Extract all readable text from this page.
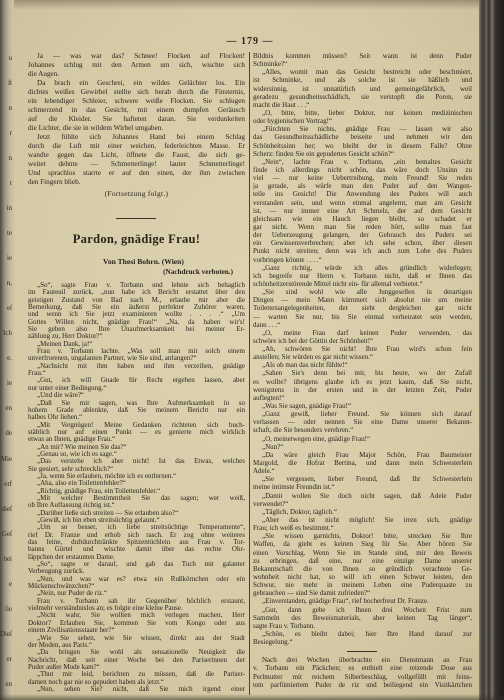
u
ſt
n
r
n
t
in
te
ie
n,
eſ
Ich
e.
ie
en
de
Mie
erf
dieſ
Geſ
bei
e
ſie
Dieſ
er
en
— 179 —
Ja — was war das? Schnee! Flocken auf Flocken!
Johannes schlug mit den Armen um sich, wischte sich
die Augen.
Da brach ein Geschrei, ein wildes Gelächter los. Ein
dichtes weißes Gewirbel stellte sich herab durch die Finsternis,
ein lebendiger Schleier, schwere weiße Flocken. Sie schlugen
schmerzend in das Gesicht, mit einem dumpfen Geräusch
auf die Kleider. Sie hafteten daran. Sie verdunkelten
die Lichter, die sie in wildem Wirbel umgaben.
Jetzt fühlte sich Johannes Hand bei einem Schlag
durch die Luft mit einer weichen, federleichten Masse. Er
wandte gegen das Licht, öffnete die Faust, die sich ge-
weitet dehnte — Schmetterlinge! lauter Schmetterlinge!
Und sprachlos starrte er auf den einen, der ihm zwischen
den Fingern blieb.
(Fortsetzung folgt.)
Pardon, gnädige Frau!
Von Thesi Bohrn. (Wien)
(Nachdruck verboten.)
„So“, sagte Frau v. Torbann und lehnte sich behaglich
im Fauteuil zurück, „nun habe ich Bericht erstattet über den
geistigen Zustand von Bad nach M., erlaube mir aber die
Bemerkung, daß Sie ein äußerst perfekter Zuhörer waren,
und wenn ich Sie jetzt examinieren wollte . . . .“ „Um
Gottes Willen nicht, gnädige Frau!“ „Na, da haben wir's!
Sie geben also Ihre Unaufmerksamkeit bei meiner Er-
zählung zu, Herr Doktor?“
„Meinen Dank, ja!“
Frau v. Torbann lachte. „Was soll man mit solch einem
unverfrorenen, ungalanten Partner, wie Sie sind, anfangen?“
„Nachsicht mit ihm haben und ihm verzeihen, gnädige
Frau.“
„Gut, ich will Gnade für Recht ergehen lassen, aber
nur unter einer Bedingung.“
„Und die wäre?“
„Daß Sie mir sagen, was Ihre Aufmerksamkeit in so
hohem Grade ablenkte, daß Sie meinem Bericht nur ein
halbes Ohr liehen.“
„Mit Vergnügen! Meine Gedanken richteten sich buch-
stäblich nur auf einen Punkt — es genierte mich wirklich
etwas an Ihnen, gnädige Frau.“
„An mir? Wie meinen Sie das?“
„Genau so, wie ich es sage.“
„Das verstehe ich aber nicht! Ist das Etwas, welches
Sie geniert, sehr schrecklich?“
„Ja, wenn Sie erlauben, möchte ich es entfernen.“
„Aha, also ein Toilettenfehler?“
„Richtig, gnädige Frau, ein Toilettenfehler.“
„Mit welcher Bestimmtheit Sie das sagen; wer weiß,
ob Ihre Auffassung richtig ist.“
„Darüber ließe sich streiten — Sie erlauben also?“
„Gewiß, ich bin eben streitsüchtig gelaunt.“
„Um so besser, ich liebe streitsüchtige Temperamente“,
rief Dr. Franze und erhob sich rasch. Er zog ohne weiteres
das feine, duftdurchtränkte Spitzentüchlein aus Frau v. Tor-
banns Gürtel und wischte damit über das rechte Ohr-
läppchen der erstaunten Dame.
„So“, sagte er darauf, und gab das Tuch mit galanter
Verbeugung zurück.
„Nun, und was war es? etwa ein Rußkörnchen oder ein
Mückenschwänzchen?“
„Nein, nur Puder de riz.“
Frau v. Torbann sah ihr Gegenüber höchlich erstaunt,
vielmehr verständnislos an; es folgte eine kleine Pause.
„Nicht wahr, Sie wollten mich verlegen machen, Herr
Doktor? Erlauben Sie, kommen Sie vom Kongo oder aus
einem Zivilisationsstaate her?“
„Wie Sie sehen, wie Sie wissen, direkt aus der Stadt
der Moden, aus Paris.“
„Da bringen Sie wohl als sensationelle Neuigkeit die
Nachricht, daß seit einer Woche bei den Pariserinnen der
Puder außer Mode kam?“
„Thut mir leid, berichten zu müssen, daß die Pariser-
damen noch gar nie so gepudert haben als jetzt.“
„Nun, sehen Sie? nicht, daß Sie mich irgend einer
Bildnis kommen müssen? Seit wann ist denn Puder
Schminke?“
„Alles, womit man das Gesicht bestreicht oder beschmiert,
ist Schminke, und als solche ist sie häßlich und
widersinnig, ist unnatürlich und gemeingefährlich, weil
geradezu gesundheitsschädlich, sie verstopft die Poren, sie
macht die Haut . . .“
„O, bitte, bitte, lieber Doktor, nur keinen medizinischen
oder hygienischen Vortrag!“
„Fürchten Sie nichts, gnädige Frau — lassen wir also
das Gesundheitsschädliche beiseite und nehmen wir den
Schönheitssinn her; wo bleibt der in diesem Falle? Ohne
Scherz: finden Sie ein gepudertes Gesicht schön?“
„Nein“, lachte Frau v. Torbann, „ein bemaltes Gesicht
finde ich allerdings nicht schön, das wäre doch Unsinn zu
viel — nur keine Uebertreibung, mein Freund! Sie reden
ja gerade, als würfe man den Puder auf den Wangen-
teile ins Gesicht! Die Anwendung des Puders will auch
verstanden sein, und wenn einmal angelernt, man am Gesicht
ist, — nur immer eine Art Schmelz, der auf dem Gesicht
gleichsam wie ein Hauch liegen bleibt, so schadet er
gar nicht. Wenn man Sie reden hört, sollte man fast
der Ueberzeugung gelangen, der Gebrauch des Puders sei
ein Gewissensverbrechen; aber ich sehe schon, über diesen
Punkt nicht streiten; denn was ich auch zum Lobe des Puders
vorbringen könnte . . . .“
„Ganz richtig, würde ich alles gründlich widerlegen;
ich begreife nur Herrn v. Torbann nicht, daß er Ihnen das
schönheitzerstörende Mittel nicht ein- für allemal verbietet.“
„Sie sind wohl wie alle Junggesellen in derartigen
Dingen — mein Mann kümmert sich absolut nie um meine
Toilettenangelegenheiten, der sieht dergleichen gar nicht
— warten Sie nur, bis Sie einmal verheiratet sein werden,
dann . . .“
„O, meine Frau darf keinen Puder verwenden, das
schwöre ich bei der Göttin der Schönheit!“
„Ah, schwören Sie nicht! Ihre Frau wird's schon fein
anstellen; Sie würden es gar nicht wissen.“
„Als ob man das nicht fühlte!“
„Sahen Sie's denn bei mir, bis heute, wo der Zufall
es wollte? übrigens glaube ich es jetzt kaum, daß Sie nicht,
wenigstens in der ersten und in der letzten Zeit, Puder
auflegten!“
„Was Sie sagen, gnädige Frau!“
„Ganz gewiß, lieber Freund. Sie können sich darauf
verlassen — oder nennen Sie eine Dame unserer Bekannt-
schaft, die Sie besonders verehren.“
„O, meinetwegen eine, gnädige Frau!“
„Nun?“
„Da wäre gleich Frau Major Schön, Frau Baumeister
Margold, die Hofrat Bertina, und dann mein Schwesterlein
Adele.“
„Sie vergessen, lieber Freund, daß Ihr Schwesterlein
meine intimste Freundin ist.“
„Damit wollen Sie doch nicht sagen, daß Adele Puder
verwendet?“
„Täglich, Doktor, täglich.“
„Aber das ist nicht möglich! Sie irren sich, gnädige
Frau; ich weiß es bestimmt.“
„Sie wissen garnichts, Doktor! bitte, strecken Sie Ihre
Waffen, da giebt es keinen Sieg für Sie. Aber hören Sie
einen Vorschlag. Wenn Sie im Stande sind, mir den Beweis
zu erbringen, daß eine, nur eine einzige Dame unserer
Bekanntschaft die von Ihnen so gründlich verachtete Ge-
wohnheit nicht hat, so will ich einen Schwur leisten, den
Schwur, nie mehr in meinem Leben eine Puderquaste zu
gebrauchen — sind Sie damit zufrieden?“
„Einverstanden, gnädige Frau“, rief hocherfreut Dr. Franze.
„Gut, dann gebe ich Ihnen drei Wochen Frist zum
Sammeln des Beweismaterials, aber keinen Tag länger“,
sagte Frau v. Torbann.
„Schön, es bleibt dabei; hier Ihre Hand darauf zur
Besiegelung.“
Nach drei Wochen überbrachte ein Dienstmann an Frau
v. Torbann ein Päckchen; es enthielt eine reizende Dose aus
Perlmutter mit reichem Silberbeschlag, vollgefüllt mit feins-
tem parfümiertem Puder de riz und beiliegend ein Visitkärtchen
